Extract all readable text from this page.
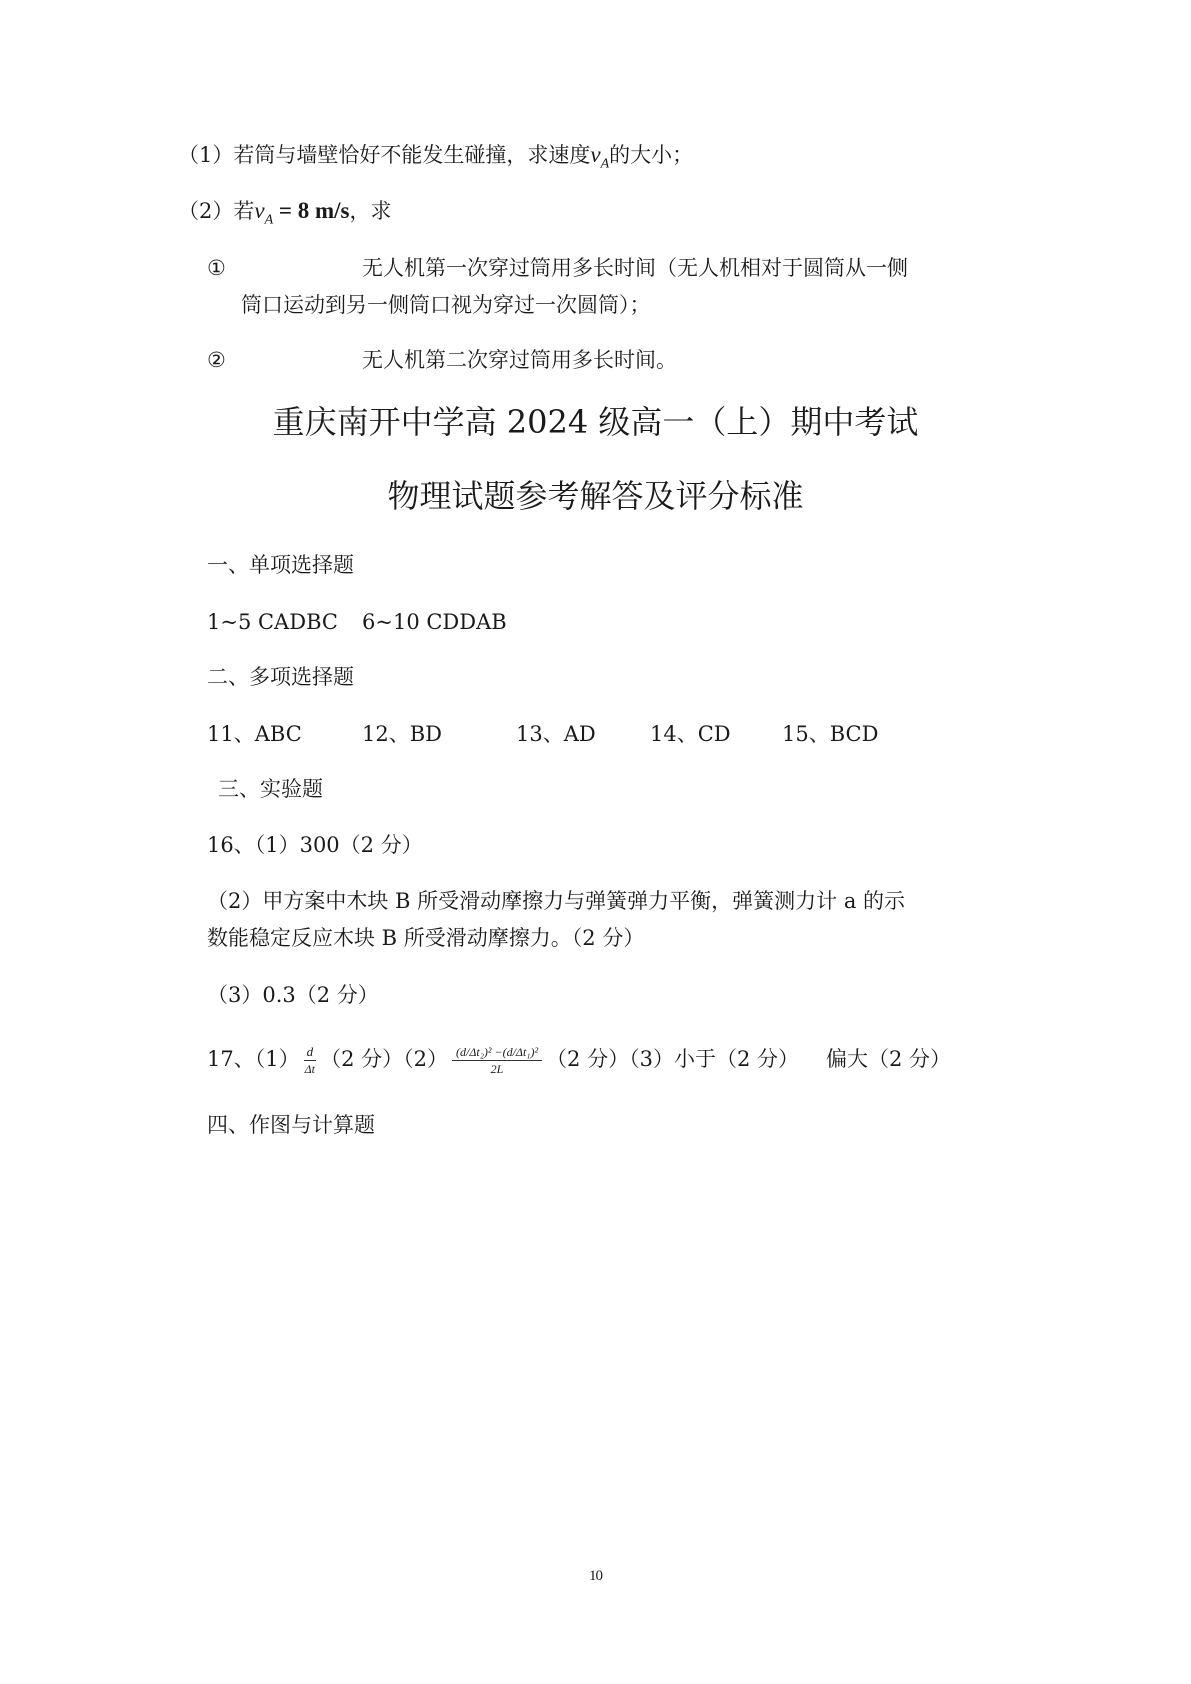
（1）若筒与墙壁恰好不能发生碰撞，求速度$v_A$的大小；
（2）若$v_A = 8$ m/s，求
①	无人机第一次穿过筒用多长时间（无人机相对于圆筒从一侧
筒口运动到另一侧筒口视为穿过一次圆筒）；
②	无人机第二次穿过筒用多长时间。
重庆南开中学高 2024 级高一（上）期中考试
物理试题参考解答及评分标准
一、单项选择题
1~5 CADBC 6~10 CDDAB
二、多项选择题
11、ABC	12、BD	13、AD	14、CD 15、BCD
三、实验题
16、（1）300（2 分）
（2）甲方案中木块 B 所受滑动摩擦力与弹簧弹力平衡，弹簧测力计 a 的示
数能稳定反应木块 B 所受滑动摩擦力。（2 分）
（3）0.3（2 分）
17、$(1) \frac{d}{\Delta t} (2$ 分）$(2) \frac{\text{(d/Δt₂)² −(d/Δt₁)²}}{2L} (2$ 分）（3）小于（2 分） 偏大（2 分）
四、作图与计算题
10
